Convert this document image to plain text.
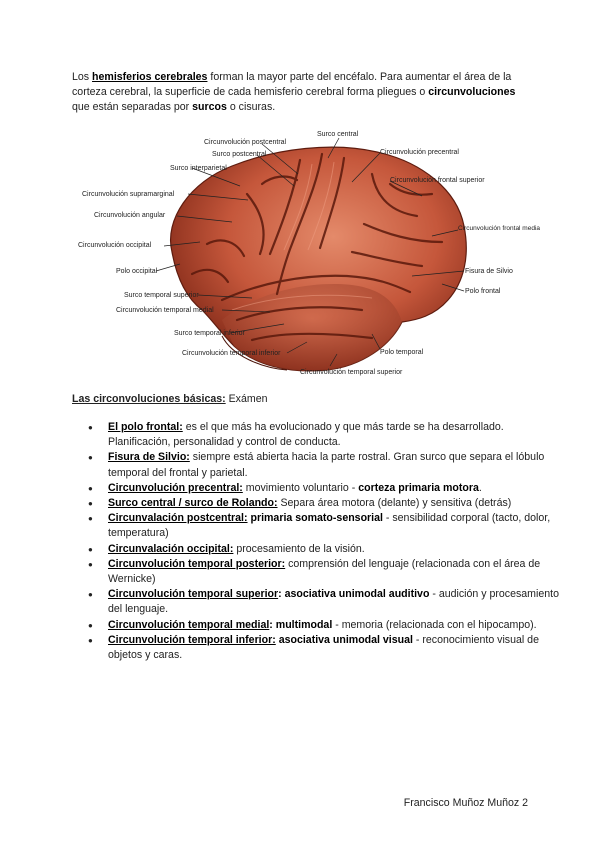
Los hemisferios cerebrales forman la mayor parte del encéfalo. Para aumentar el área de la corteza cerebral, la superficie de cada hemisferio cerebral forma pliegues o circunvoluciones que están separadas por surcos o cisuras.
Circunvolución postcentral
Surco postcentral
Surco central
Circunvolución precentral
Surco interparietal
Circunvolución frontal superior
Circunvolución supramarginal
Circunvolución angular
Circunvolución frontal media
Circunvolución occipital
Polo occipital	Fisura de Silvio
Surco temporal superior
Polo frontal
Circunvolución temporal medial
Surco temporal inferior
Circunvolución temporal inferior	Polo temporal
Circunvolución temporal superior
Las circonvoluciones básicas: Exámen
● El polo frontal: es el que más ha evolucionado y que más tarde se ha desarrollado. Planificación, personalidad y control de conducta.
● Fisura de Silvio: siempre está abierta hacia la parte rostral. Gran surco que separa el lóbulo temporal del frontal y parietal.
● Circunvolución precentral: movimiento voluntario - corteza primaria motora.
● Surco central / surco de Rolando: Separa área motora (delante) y sensitiva (detrás)
● Circunvalación postcentral: primaria somato-sensorial - sensibilidad corporal (tacto, dolor, temperatura)
● Circunvalación occipital: procesamiento de la visión.
● Circunvolución temporal posterior: comprensión del lenguaje (relacionada con el área de Wernicke)
● Circunvolución temporal superior: asociativa unimodal auditivo - audición y procesamiento del lenguaje.
● Circunvolución temporal medial: multimodal - memoria (relacionada con el hipocampo).
● Circunvolución temporal inferior: asociativa unimodal visual - reconocimiento visual de objetos y caras.
Francisco Muñoz Muñoz 2
